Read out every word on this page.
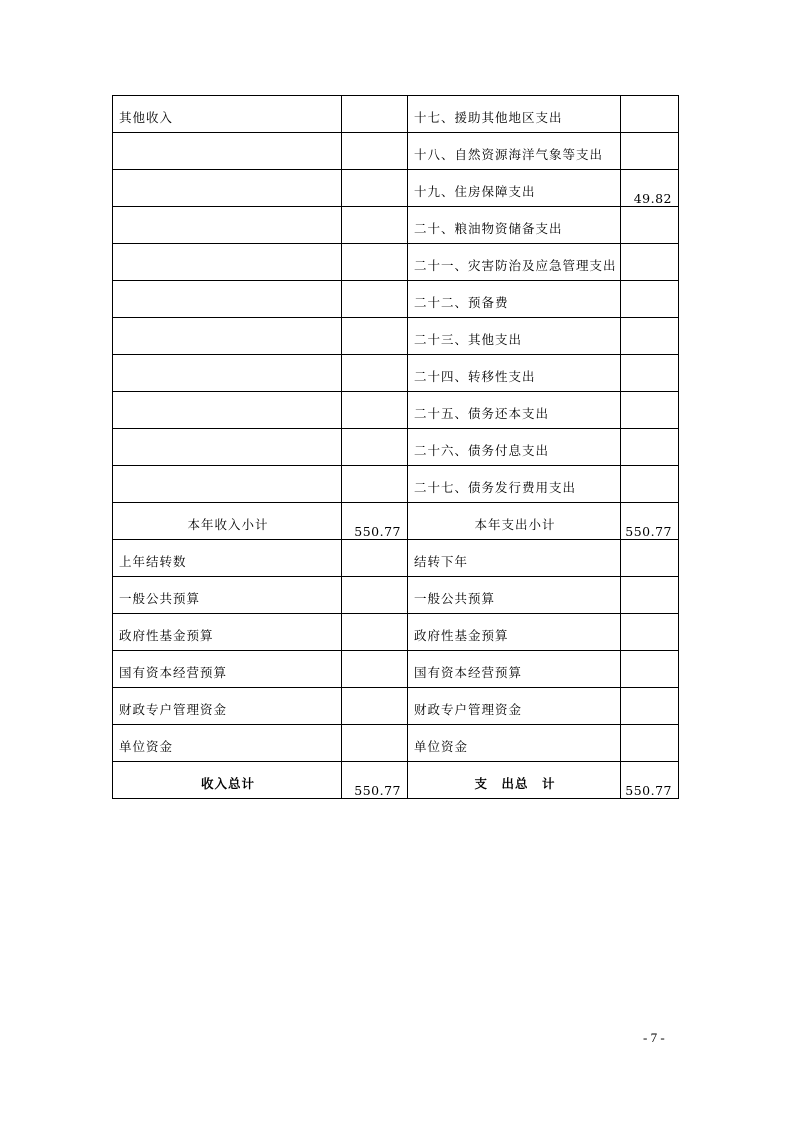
其他收入		十七、援助其他地区支出	
		十八、自然资源海洋气象等支出	
		十九、住房保障支出	49.82
		二十、粮油物资储备支出	
		二十一、灾害防治及应急管理支出	
		二十二、预备费	
		二十三、其他支出	
		二十四、转移性支出	
		二十五、债务还本支出	
		二十六、债务付息支出	
		二十七、债务发行费用支出	
本年收入小计	550.77	本年支出小计	550.77
上年结转数		结转下年	
一般公共预算		一般公共预算	
政府性基金预算		政府性基金预算	
国有资本经营预算		国有资本经营预算	
财政专户管理资金		财政专户管理资金	
单位资金		单位资金	
收入总计	550.77	支　出总　计	550.77
- 7 -
